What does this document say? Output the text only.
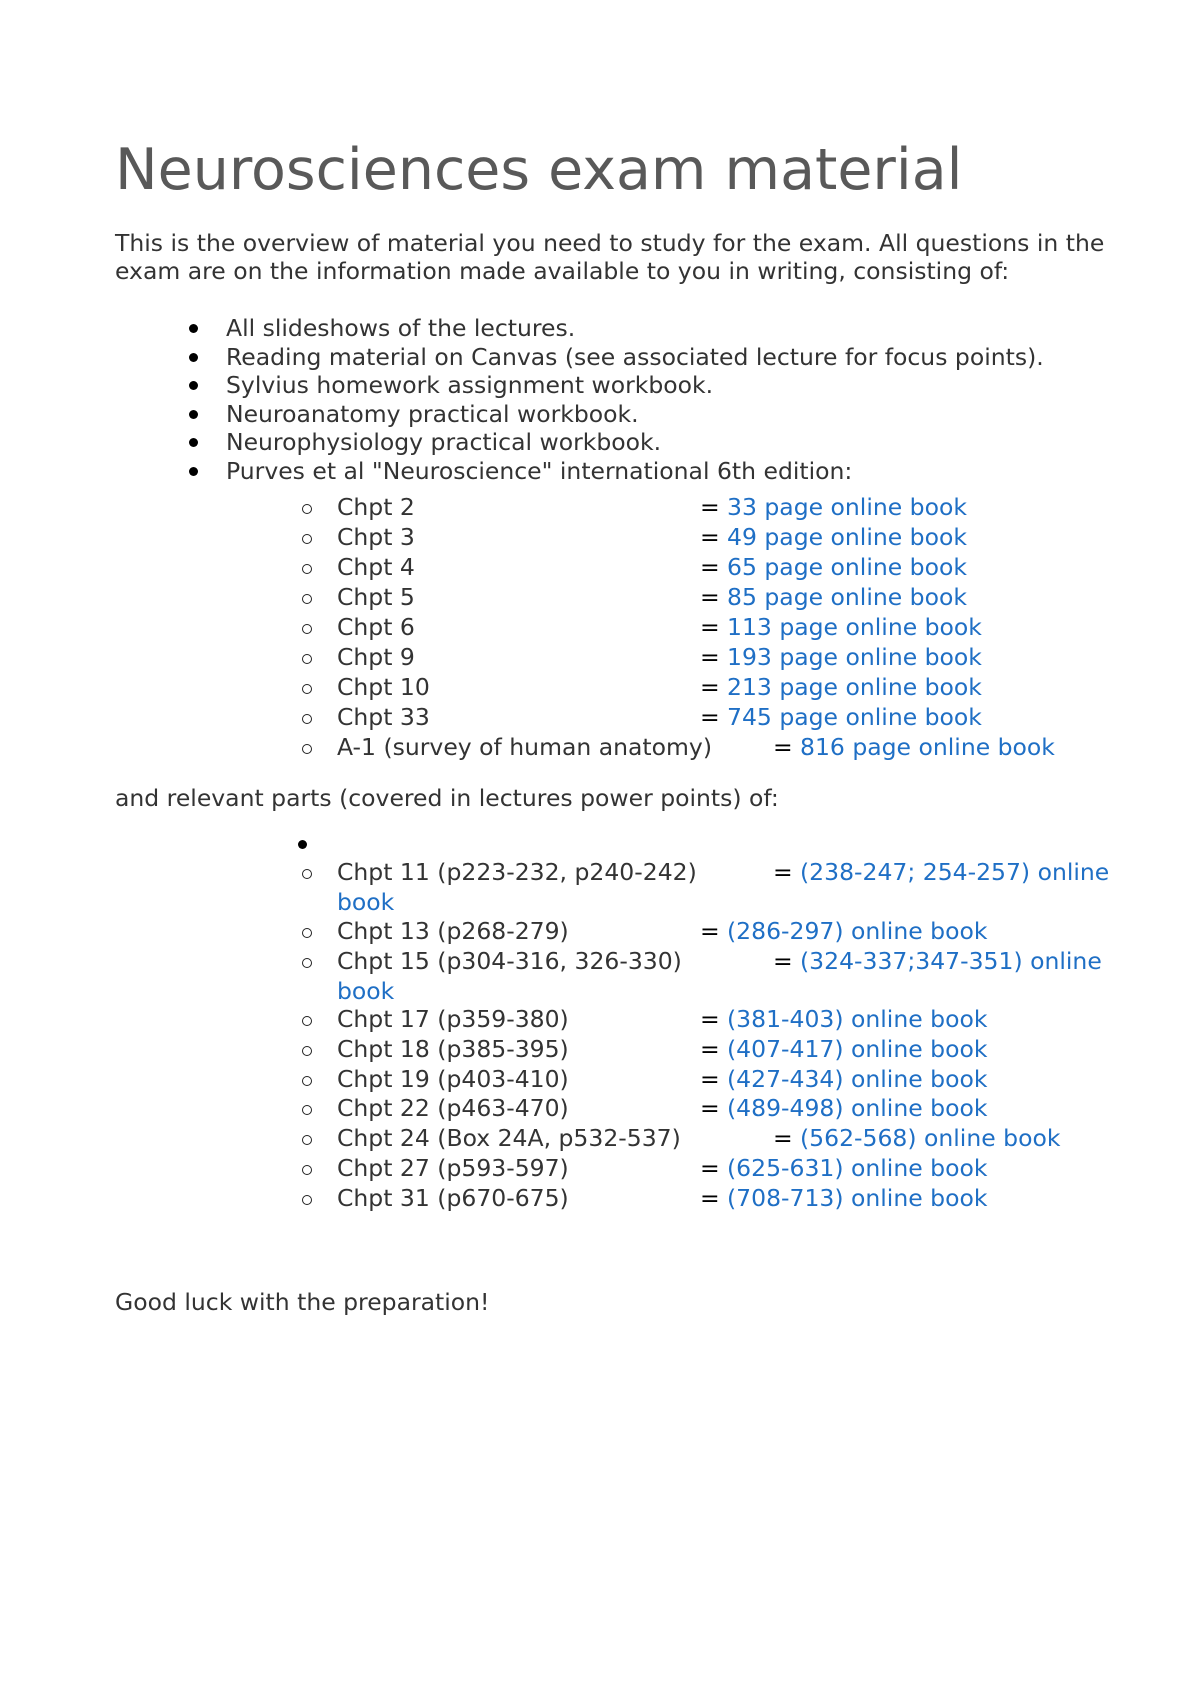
Neurosciences exam material
This is the overview of material you need to study for the exam. All questions in the exam are on the information made available to you in writing, consisting of:
All slideshows of the lectures.
Reading material on Canvas (see associated lecture for focus points).
Sylvius homework assignment workbook.
Neuroanatomy practical workbook.
Neurophysiology practical workbook.
Purves et al "Neuroscience" international 6th edition:
Chpt 2	= 33 page online book
Chpt 3	= 49 page online book
Chpt 4	= 65 page online book
Chpt 5	= 85 page online book
Chpt 6	= 113 page online book
Chpt 9	= 193 page online book
Chpt 10	= 213 page online book
Chpt 33	= 745 page online book
A-1 (survey of human anatomy)	= 816 page online book
and relevant parts (covered in lectures power points) of:
Chpt 11 (p223-232, p240-242)	= (238-247; 254-257) online
book
Chpt 13 (p268-279)	= (286-297) online book
Chpt 15 (p304-316, 326-330)	= (324-337;347-351) online
book
Chpt 17 (p359-380)	= (381-403) online book
Chpt 18 (p385-395)	= (407-417) online book
Chpt 19 (p403-410)	= (427-434) online book
Chpt 22 (p463-470)	= (489-498) online book
Chpt 24 (Box 24A, p532-537)	= (562-568) online book
Chpt 27 (p593-597)	= (625-631) online book
Chpt 31 (p670-675)	= (708-713) online book
Good luck with the preparation!
